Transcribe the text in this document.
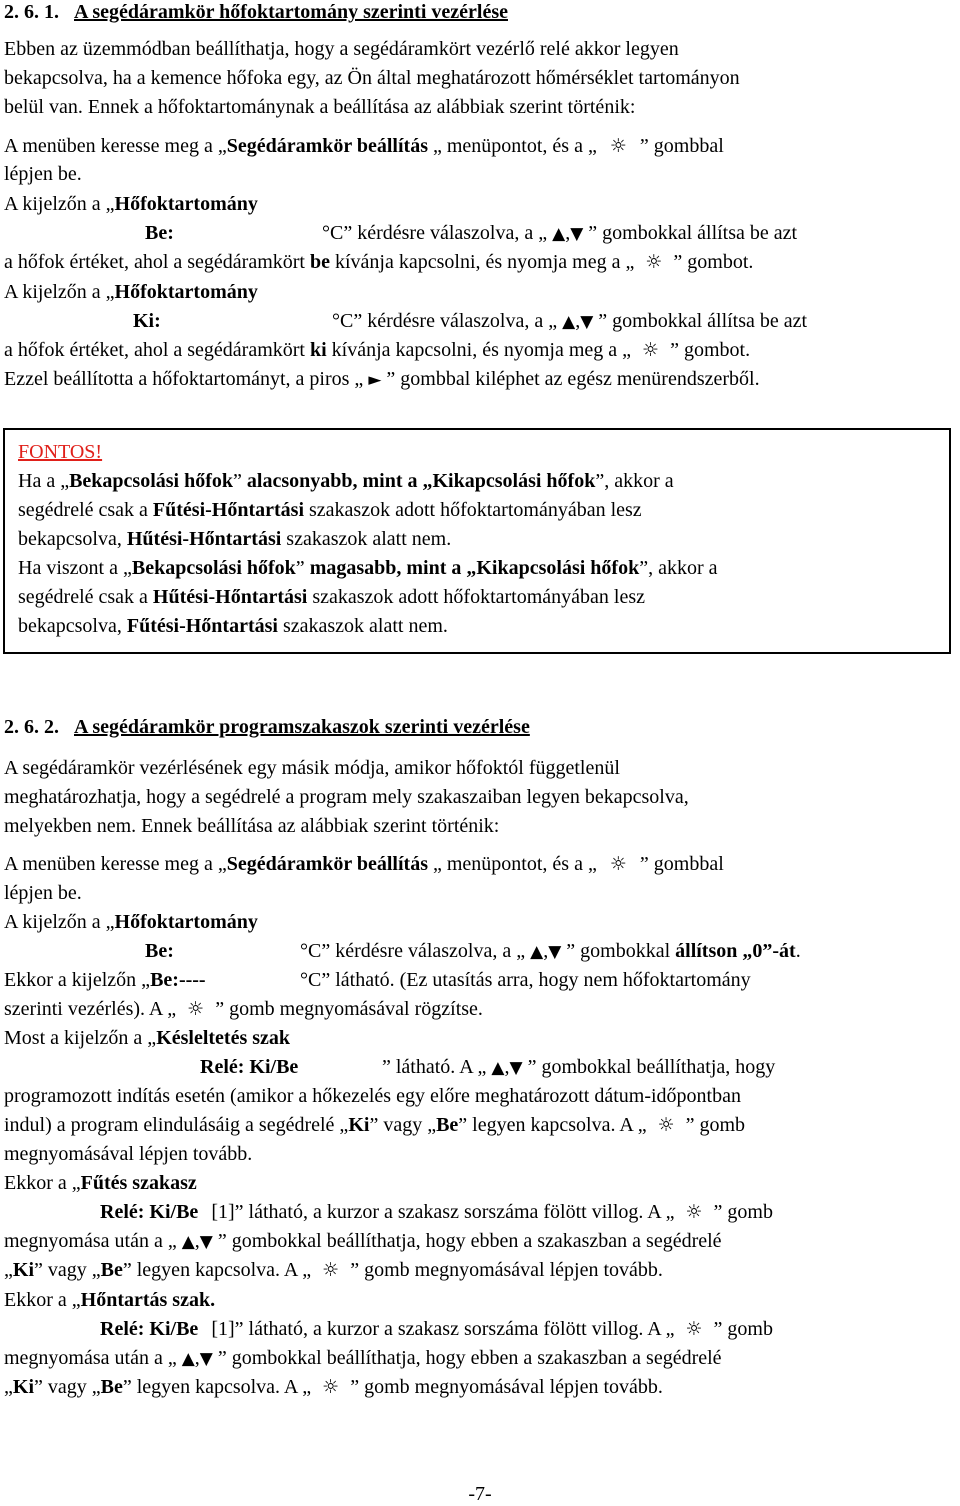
2. 6. 1. A segédáramkör hőfoktartomány szerinti vezérlése
Ebben az üzemmódban beállíthatja, hogy a segédáramkört vezérlő relé akkor legyen
bekapcsolva, ha a kemence hőfoka egy, az Ön által meghatározott hőmérséklet tartományon
belül van. Ennek a hőfoktartománynak a beállítása az alábbiak szerint történik:
A menüben keresse meg a „Segédáramkör beállítás „ menüpontot, és a „ ☼ ” gombbal
lépjen be.
A kijelzőn a „Hőfoktartomány
Be:	°C” kérdésre válaszolva, a „ ▲,▼ ” gombokkal állítsa be azt
a hőfok értéket, ahol a segédáramkört be kívánja kapcsolni, és nyomja meg a „ ☼ ” gombot.
A kijelzőn a „Hőfoktartomány
Ki:	°C” kérdésre válaszolva, a „ ▲,▼ ” gombokkal állítsa be azt
a hőfok értéket, ahol a segédáramkört ki kívánja kapcsolni, és nyomja meg a „ ☼ ” gombot.
Ezzel beállította a hőfoktartományt, a piros „ ► ” gombbal kiléphet az egész menürendszerből.
FONTOS!
Ha a „Bekapcsolási hőfok” alacsonyabb, mint a „Kikapcsolási hőfok”, akkor a
segédrelé csak a Fűtési-Hőntartási szakaszok adott hőfoktartományában lesz
bekapcsolva, Hűtési-Hőntartási szakaszok alatt nem.
Ha viszont a „Bekapcsolási hőfok” magasabb, mint a „Kikapcsolási hőfok”, akkor a
segédrelé csak a Hűtési-Hőntartási szakaszok adott hőfoktartományában lesz
bekapcsolva, Fűtési-Hőntartási szakaszok alatt nem.
2. 6. 2. A segédáramkör programszakaszok szerinti vezérlése
A segédáramkör vezérlésének egy másik módja, amikor hőfoktól függetlenül
meghatározhatja, hogy a segédrelé a program mely szakaszaiban legyen bekapcsolva,
melyekben nem. Ennek beállítása az alábbiak szerint történik:
A menüben keresse meg a „Segédáramkör beállítás „ menüpontot, és a „ ☼ ” gombbal
lépjen be.
A kijelzőn a „Hőfoktartomány
Be:	°C” kérdésre válaszolva, a „ ▲,▼ ” gombokkal állítson „0”-át.
Ekkor a kijelzőn „Be:----	°C” látható. (Ez utasítás arra, hogy nem hőfoktartomány
szerinti vezérlés). A „ ☼ ” gomb megnyomásával rögzítse.
Most a kijelzőn a „Késleltetés szak
Relé: Ki/Be	” látható. A „ ▲,▼ ” gombokkal beállíthatja, hogy
programozott indítás esetén (amikor a hőkezelés egy előre meghatározott dátum-időpontban
indul) a program elindulásáig a segédrelé „Ki” vagy „Be” legyen kapcsolva. A „ ☼ ” gomb
megnyomásával lépjen tovább.
Ekkor a „Fűtés szakasz
Relé: Ki/Be [1]” látható, a kurzor a szakasz sorszáma fölött villog. A „ ☼ ” gomb
megnyomása után a „ ▲,▼ ” gombokkal beállíthatja, hogy ebben a szakaszban a segédrelé
„Ki” vagy „Be” legyen kapcsolva. A „ ☼ ” gomb megnyomásával lépjen tovább.
Ekkor a „Hőntartás szak.
Relé: Ki/Be [1]” látható, a kurzor a szakasz sorszáma fölött villog. A „ ☼ ” gomb
megnyomása után a „ ▲,▼ ” gombokkal beállíthatja, hogy ebben a szakaszban a segédrelé
„Ki” vagy „Be” legyen kapcsolva. A „ ☼ ” gomb megnyomásával lépjen tovább.
-7-
